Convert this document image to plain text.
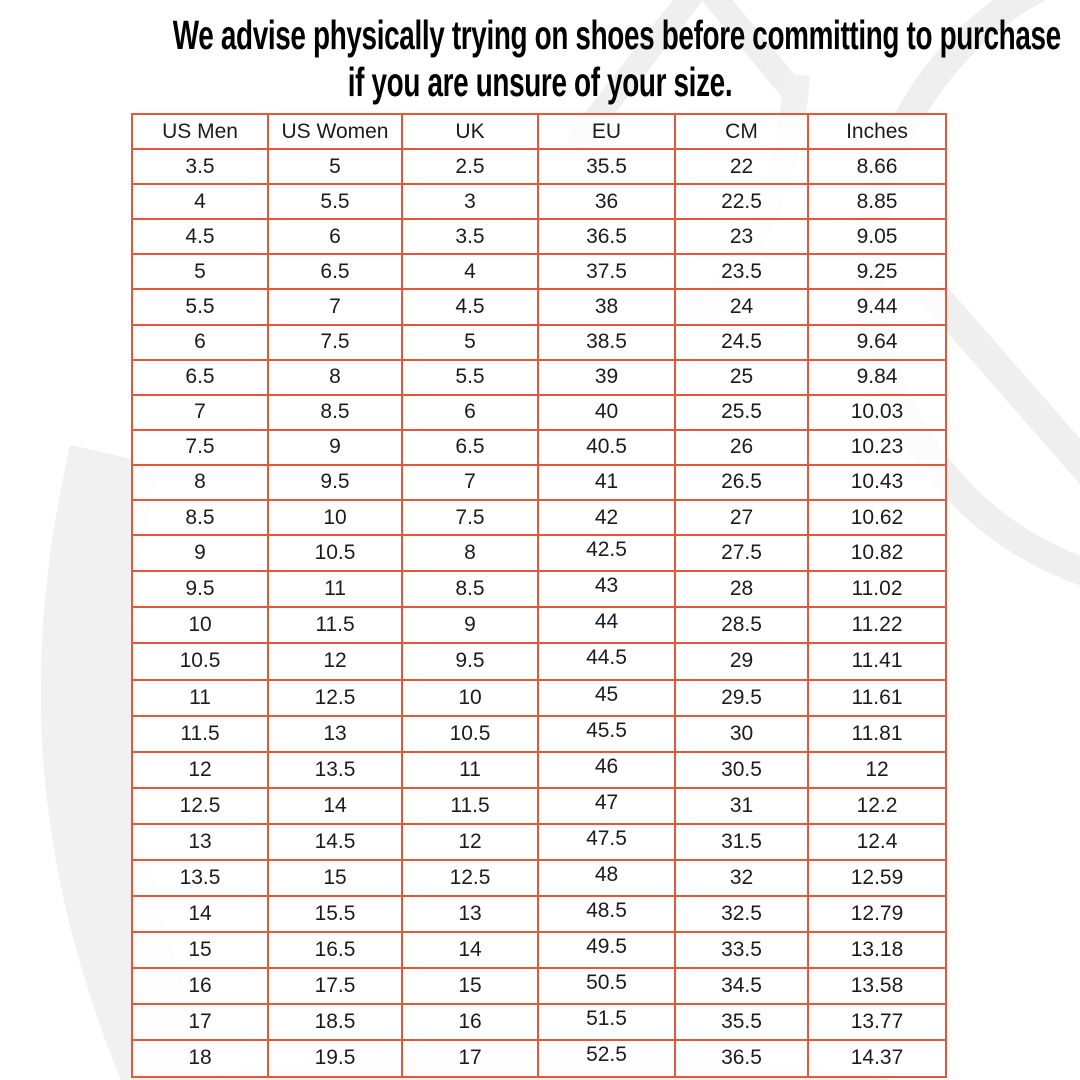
We advise physically trying on shoes before committing to purchase
if you are unsure of your size.
US Men	US Women	UK	EU	CM	Inches
3.5	5	2.5	35.5	22	8.66
4	5.5	3	36	22.5	8.85
4.5	6	3.5	36.5	23	9.05
5	6.5	4	37.5	23.5	9.25
5.5	7	4.5	38	24	9.44
6	7.5	5	38.5	24.5	9.64
6.5	8	5.5	39	25	9.84
7	8.5	6	40	25.5	10.03
7.5	9	6.5	40.5	26	10.23
8	9.5	7	41	26.5	10.43
8.5	10	7.5	42	27	10.62
9	10.5	8	42.5	27.5	10.82
9.5	11	8.5	43	28	11.02
10	11.5	9	44	28.5	11.22
10.5	12	9.5	44.5	29	11.41
11	12.5	10	45	29.5	11.61
11.5	13	10.5	45.5	30	11.81
12	13.5	11	46	30.5	12
12.5	14	11.5	47	31	12.2
13	14.5	12	47.5	31.5	12.4
13.5	15	12.5	48	32	12.59
14	15.5	13	48.5	32.5	12.79
15	16.5	14	49.5	33.5	13.18
16	17.5	15	50.5	34.5	13.58
17	18.5	16	51.5	35.5	13.77
18	19.5	17	52.5	36.5	14.37
